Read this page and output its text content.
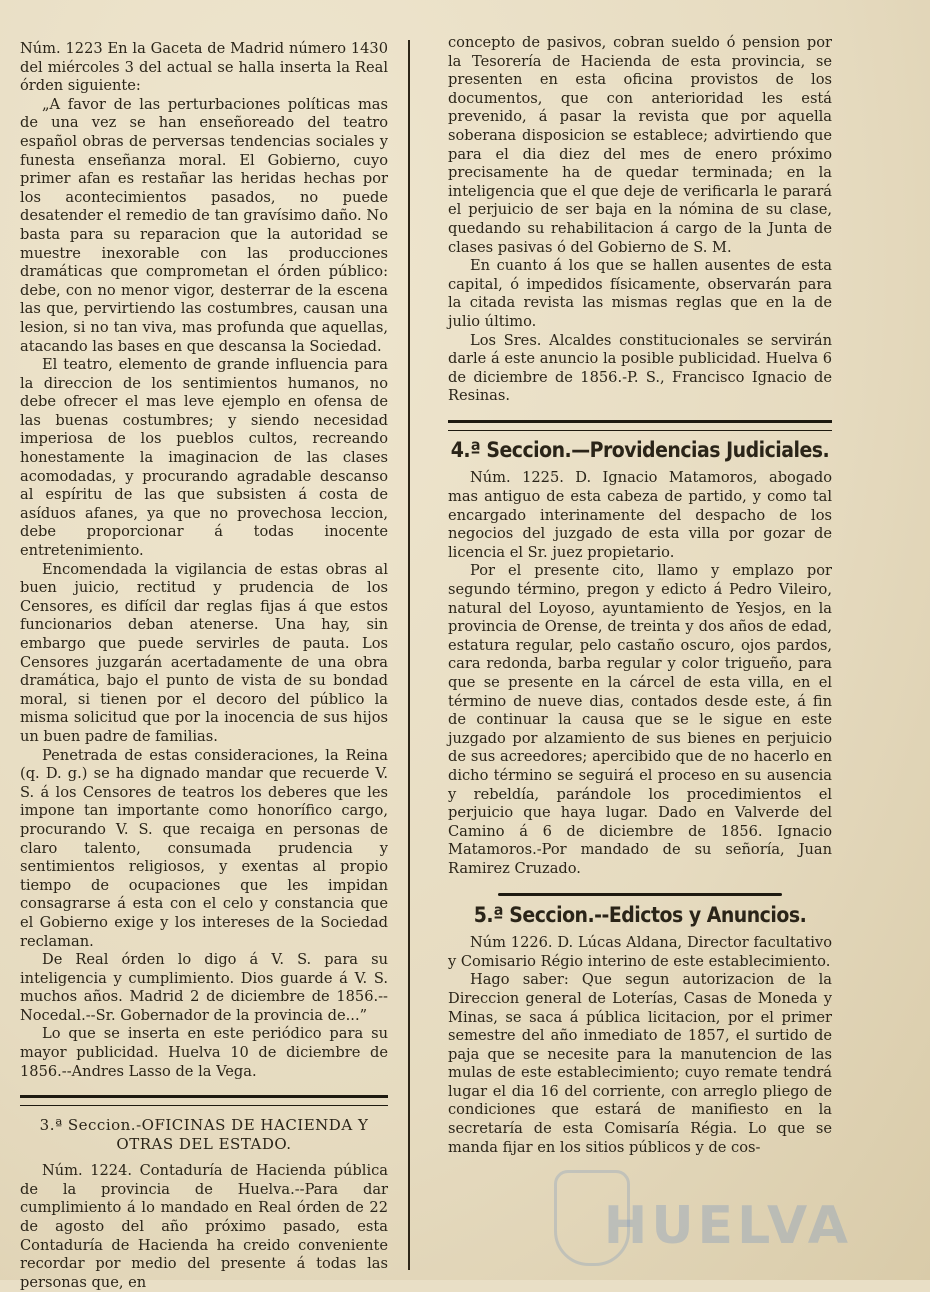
Núm. 1223 En la Gaceta de Madrid número 1430 del miércoles 3 del actual se halla inserta la Real órden siguiente:

„A favor de las perturbaciones políticas mas de una vez se han enseñoreado del teatro español obras de perversas tendencias sociales y funesta enseñanza moral. El Gobierno, cuyo primer afan es restañar las heridas hechas por los acontecimientos pasados, no puede desatender el remedio de tan gravísimo daño. No basta para su reparacion que la autoridad se muestre inexorable con las producciones dramáticas que comprometan el órden público: debe, con no menor vigor, desterrar de la escena las que, pervirtiendo las costumbres, causan una lesion, si no tan viva, mas profunda que aquellas, atacando las bases en que descansa la Sociedad.

El teatro, elemento de grande influencia para la direccion de los sentimientos humanos, no debe ofrecer el mas leve ejemplo en ofensa de las buenas costumbres; y siendo necesidad imperiosa de los pueblos cultos, recreando honestamente la imaginacion de las clases acomodadas, y procurando agradable descanso al espíritu de las que subsisten á costa de asíduos afanes, ya que no provechosa leccion, debe proporcionar á todas inocente entretenimiento.

Encomendada la vigilancia de estas obras al buen juicio, rectitud y prudencia de los Censores, es difícil dar reglas fijas á que estos funcionarios deban atenerse. Una hay, sin embargo que puede servirles de pauta. Los Censores juzgarán acertadamente de una obra dramática, bajo el punto de vista de su bondad moral, si tienen por el decoro del público la misma solicitud que por la inocencia de sus hijos un buen padre de familias.

Penetrada de estas consideraciones, la Reina (q. D. g.) se ha dignado mandar que recuerde V. S. á los Censores de teatros los deberes que les impone tan importante como honorífico cargo, procurando V. S. que recaiga en personas de claro talento, consumada prudencia y sentimientos religiosos, y exentas al propio tiempo de ocupaciones que les impidan consagrarse á esta con el celo y constancia que el Gobierno exige y los intereses de la Sociedad reclaman.

De Real órden lo digo á V. S. para su inteligencia y cumplimiento. Dios guarde á V. S. muchos años. Madrid 2 de diciembre de 1856.--Nocedal.--Sr. Gobernador de la provincia de...”

Lo que se inserta en este periódico para su mayor publicidad. Huelva 10 de diciembre de 1856.--Andres Lasso de la Vega.

3.ª Seccion.-OFICINAS DE HACIENDA Y OTRAS DEL ESTADO.

Núm. 1224. Contaduría de Hacienda pública de la provincia de Huelva.--Para dar cumplimiento á lo mandado en Real órden de 22 de agosto del año próximo pasado, esta Contaduría de Hacienda ha creido conveniente recordar por medio del presente á todas las personas que, en

concepto de pasivos, cobran sueldo ó pension por la Tesorería de Hacienda de esta provincia, se presenten en esta oficina provistos de los documentos, que con anterioridad les está prevenido, á pasar la revista que por aquella soberana disposicion se establece; advirtiendo que para el dia diez del mes de enero próximo precisamente ha de quedar terminada; en la inteligencia que el que deje de verificarla le parará el perjuicio de ser baja en la nómina de su clase, quedando su rehabilitacion á cargo de la Junta de clases pasivas ó del Gobierno de S. M.

En cuanto á los que se hallen ausentes de esta capital, ó impedidos físicamente, observarán para la citada revista las mismas reglas que en la de julio último.

Los Sres. Alcaldes constitucionales se servirán darle á este anuncio la posible publicidad. Huelva 6 de diciembre de 1856.-P. S., Francisco Ignacio de Resinas.

4.ª Seccion.—Providencias Judiciales.

Núm. 1225. D. Ignacio Matamoros, abogado mas antiguo de esta cabeza de partido, y como tal encargado interinamente del despacho de los negocios del juzgado de esta villa por gozar de licencia el Sr. juez propietario.

Por el presente cito, llamo y emplazo por segundo término, pregon y edicto á Pedro Vileiro, natural del Loyoso, ayuntamiento de Yesjos, en la provincia de Orense, de treinta y dos años de edad, estatura regular, pelo castaño oscuro, ojos pardos, cara redonda, barba regular y color trigueño, para que se presente en la cárcel de esta villa, en el término de nueve dias, contados desde este, á fin de continuar la causa que se le sigue en este juzgado por alzamiento de sus bienes en perjuicio de sus acreedores; apercibido que de no hacerlo en dicho término se seguirá el proceso en su ausencia y rebeldía, parándole los procedimientos el perjuicio que haya lugar. Dado en Valverde del Camino á 6 de diciembre de 1856. Ignacio Matamoros.-Por mandado de su señoría, Juan Ramirez Cruzado.

5.ª Seccion.--Edictos y Anuncios.

Núm 1226. D. Lúcas Aldana, Director facultativo y Comisario Régio interino de este establecimiento.

Hago saber: Que segun autorizacion de la Direccion general de Loterías, Casas de Moneda y Minas, se saca á pública licitacion, por el primer semestre del año inmediato de 1857, el surtido de paja que se necesite para la manutencion de las mulas de este establecimiento; cuyo remate tendrá lugar el dia 16 del corriente, con arreglo pliego de condiciones que estará de manifiesto en la secretaría de esta Comisaría Régia. Lo que se manda fijar en los sitios públicos y de cos-

HUELVA
